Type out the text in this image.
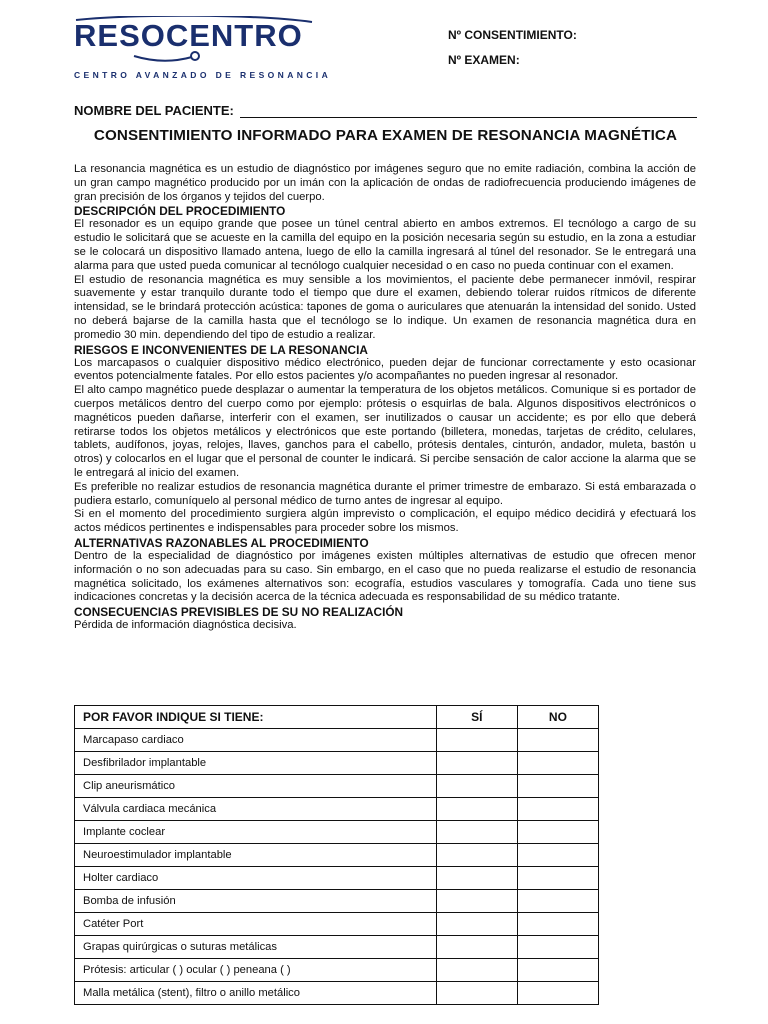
RESOCENTRO
CENTRO AVANZADO DE RESONANCIA
Nº CONSENTIMIENTO:
Nº EXAMEN:
NOMBRE DEL PACIENTE:
CONSENTIMIENTO INFORMADO PARA EXAMEN DE RESONANCIA MAGNÉTICA

La resonancia magnética es un estudio de diagnóstico por imágenes seguro que no emite radiación, combina la acción de un gran campo magnético producido por un imán con la aplicación de ondas de radiofrecuencia produciendo imágenes de gran precisión de los órganos y tejidos del cuerpo.

DESCRIPCIÓN DEL PROCEDIMIENTO

El resonador es un equipo grande que posee un túnel central abierto en ambos extremos. El tecnólogo a cargo de su estudio le solicitará que se acueste en la camilla del equipo en la posición necesaria según su estudio, en la zona a estudiar se le colocará un dispositivo llamado antena, luego de ello la camilla ingresará al túnel del resonador. Se le entregará una alarma para que usted pueda comunicar al tecnólogo cualquier necesidad o en caso no pueda continuar con el examen.

El estudio de resonancia magnética es muy sensible a los movimientos, el paciente debe permanecer inmóvil, respirar suavemente y estar tranquilo durante todo el tiempo que dure el examen, debiendo tolerar ruidos rítmicos de diferente intensidad, se le brindará protección acústica: tapones de goma o auriculares que atenuarán la intensidad del sonido. Usted no deberá bajarse de la camilla hasta que el tecnólogo se lo indique. Un examen de resonancia magnética dura en promedio 30 min. dependiendo del tipo de estudio a realizar.

RIESGOS E INCONVENIENTES DE LA RESONANCIA

Los marcapasos o cualquier dispositivo médico electrónico, pueden dejar de funcionar correctamente y esto ocasionar eventos potencialmente fatales. Por ello estos pacientes y/o acompañantes no pueden ingresar al resonador.

El alto campo magnético puede desplazar o aumentar la temperatura de los objetos metálicos. Comunique si es portador de cuerpos metálicos dentro del cuerpo como por ejemplo: prótesis o esquirlas de bala. Algunos dispositivos electrónicos o magnéticos pueden dañarse, interferir con el examen, ser inutilizados o causar un accidente; es por ello que deberá retirarse todos los objetos metálicos y electrónicos que este portando (billetera, monedas, tarjetas de crédito, celulares, tablets, audífonos, joyas, relojes, llaves, ganchos para el cabello, prótesis dentales, cinturón, andador, muleta, bastón u otros) y colocarlos en el lugar que el personal de counter le indicará. Si percibe sensación de calor accione la alarma que se le entregará al inicio del examen.

Es preferible no realizar estudios de resonancia magnética durante el primer trimestre de embarazo. Si está embarazada o pudiera estarlo, comuníquelo al personal médico de turno antes de ingresar al equipo.

Si en el momento del procedimiento surgiera algún imprevisto o complicación, el equipo médico decidirá y efectuará los actos médicos pertinentes e indispensables para proceder sobre los mismos.

ALTERNATIVAS RAZONABLES AL PROCEDIMIENTO

Dentro de la especialidad de diagnóstico por imágenes existen múltiples alternativas de estudio que ofrecen menor información o no son adecuadas para su caso. Sin embargo, en el caso que no pueda realizarse el estudio de resonancia magnética solicitado, los exámenes alternativos son: ecografía, estudios vasculares y tomografía. Cada uno tiene sus indicaciones concretas y la decisión acerca de la técnica adecuada es responsabilidad de su médico tratante.

CONSECUENCIAS PREVISIBLES DE SU NO REALIZACIÓN

Pérdida de información diagnóstica decisiva.

POR FAVOR INDIQUE SI TIENE:	SÍ	NO
Marcapaso cardiaco		
Desfibrilador implantable		
Clip aneurismático		
Válvula cardiaca mecánica		
Implante coclear		
Neuroestimulador implantable		
Holter cardiaco		
Bomba de infusión		
Catéter Port		
Grapas quirúrgicas o suturas metálicas		
Prótesis: articular ( ) ocular ( ) peneana ( )		
Malla metálica (stent), filtro o anillo metálico		
